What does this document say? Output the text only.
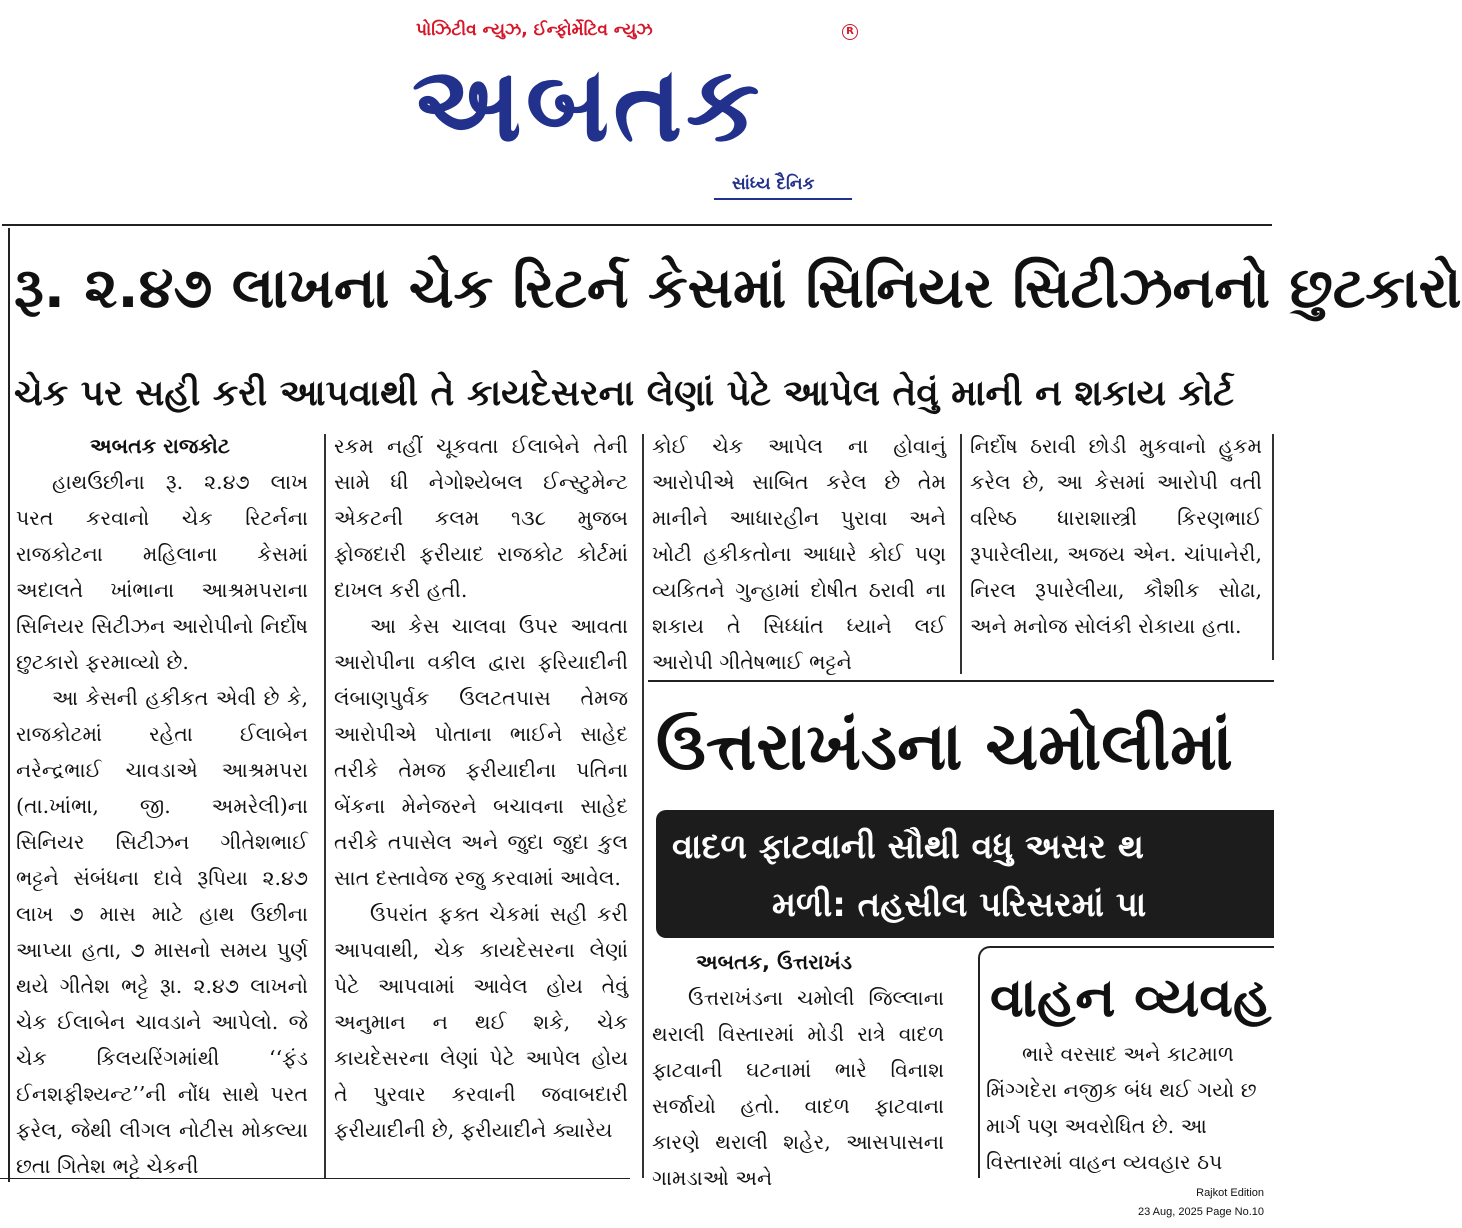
પોઝિટીવ ન્યુઝ, ઈન્ફોર્મેટિવ ન્યુઝ	R
અબતક
સાંધ્ય દૈનિક
રૂ. ૨.૪૭ લાખના ચેક રિટર્ન કેસમાં સિનિયર સિટીઝનનો છુટકારો
ચેક પર સહી કરી આપવાથી તે કાયદેસરના લેણાં પેટે આપેલ તેવું માની ન શકાય કોર્ટ

અબતક રાજકોટ

હાથઉછીના રૂ. ૨.૪૭ લાખ પરત કરવાનો ચેક રિટર્નના રાજકોટના મહિલાના કેસમાં અદાલતે ખાંભાના આશ્રમપરાના સિનિયર સિટીઝન આરોપીનો નિર્દોષ છુટકારો ફરમાવ્યો છે.

આ કેસની હકીકત એવી છે કે, રાજકોટમાં રહેતા ઈલાબેન નરેન્દ્રભાઈ ચાવડાએ આશ્રમપરા (તા.ખાંભા, જી. અમરેલી)ના સિનિયર સિટીઝન ગીતેશભાઈ ભટ્ટને સંબંધના દાવે રૂપિયા ૨.૪૭ લાખ ૭ માસ માટે હાથ ઉછીના આપ્યા હતા, ૭ માસનો સમય પુર્ણ થયે ગીતેશ ભટ્ટે રૂા. ૨.૪૭ લાખનો ચેક ઈલાબેન ચાવડાને આપેલો. જે ચેક કિલયરિંગમાંથી ‘‘ફંડ ઈનશફીશ્યન્ટ’’ની નોંધ સાથે પરત ફરેલ, જેથી લીગલ નોટીસ મોકલ્યા છતા ગિતેશ ભટ્ટે ચેકની

રકમ નહીં ચૂકવતા ઈલાબેને તેની સામે ધી નેગોશ્યેબલ ઈન્સ્ટુમેન્ટ એકટની કલમ ૧૩૮ મુજબ ફોજદારી ફરીયાદ રાજકોટ કોર્ટમાં દાખલ કરી હતી.

આ કેસ ચાલવા ઉપર આવતા આરોપીના વકીલ દ્વારા ફરિયાદીની લંબાણપુર્વક ઉલટતપાસ તેમજ આરોપીએ પોતાના ભાઈને સાહેદ તરીકે તેમજ ફરીયાદીના પતિના બેંકના મેનેજરને બચાવના સાહેદ તરીકે તપાસેલ અને જુદા જુદા કુલ સાત દસ્તાવેજ રજુ કરવામાં આવેલ.

ઉપરાંત ફક્ત ચેકમાં સહી કરી આપવાથી, ચેક કાયદેસરના લેણાં પેટે આપવામાં આવેલ હોય તેવું અનુમાન ન થઈ શકે, ચેક કાયદેસરના લેણાં પેટે આપેલ હોય તે પુરવાર કરવાની જવાબદારી ફરીયાદીની છે, ફરીયાદીને ક્યારેય

કોઈ ચેક આપેલ ના હોવાનું આરોપીએ સાબિત કરેલ છે તેમ માનીને આધારહીન પુરાવા અને ખોટી હકીકતોના આધારે કોઈ પણ વ્યકિતને ગુન્હામાં દોષીત ઠરાવી ના શકાય તે સિધ્ધાંત ધ્યાને લઈ આરોપી ગીતેષભાઈ ભટ્ટને

નિર્દોષ ઠરાવી છોડી મુકવાનો હુકમ કરેલ છે, આ કેસમાં આરોપી વતી વરિષ્ઠ ધારાશાસ્ત્રી કિરણભાઈ રૂપારેલીયા, અજય એન. ચાંપાનેરી, નિરલ રૂપારેલીયા, કૌશીક સોઢા, અને મનોજ સોલંકી રોકાયા હતા.

ઉત્તરાખંડના ચમોલીમાં
વાદળ ફાટવાની સૌથી વધુ અસર થ
મળી: તહસીલ પરિસરમાં પા

અબતક, ઉત્તરાખંડ

ઉત્તરાખંડના ચમોલી જિલ્લાના થરાલી વિસ્તારમાં મોડી રાત્રે વાદળ ફાટવાની ઘટનામાં ભારે વિનાશ સર્જાયો હતો. વાદળ ફાટવાના કારણે થરાલી શહેર, આસપાસના ગામડાઓ અને

વાહન વ્યવહ

ભારે વરસાદ અને કાટમાળ

મિંગ્ગદેરા નજીક બંધ થઈ ગયો છ

માર્ગ પણ અવરોધિત છે. આ

વિસ્તારમાં વાહન વ્યવહાર ઠપ

Rajkot Edition
23 Aug, 2025 Page No.10
